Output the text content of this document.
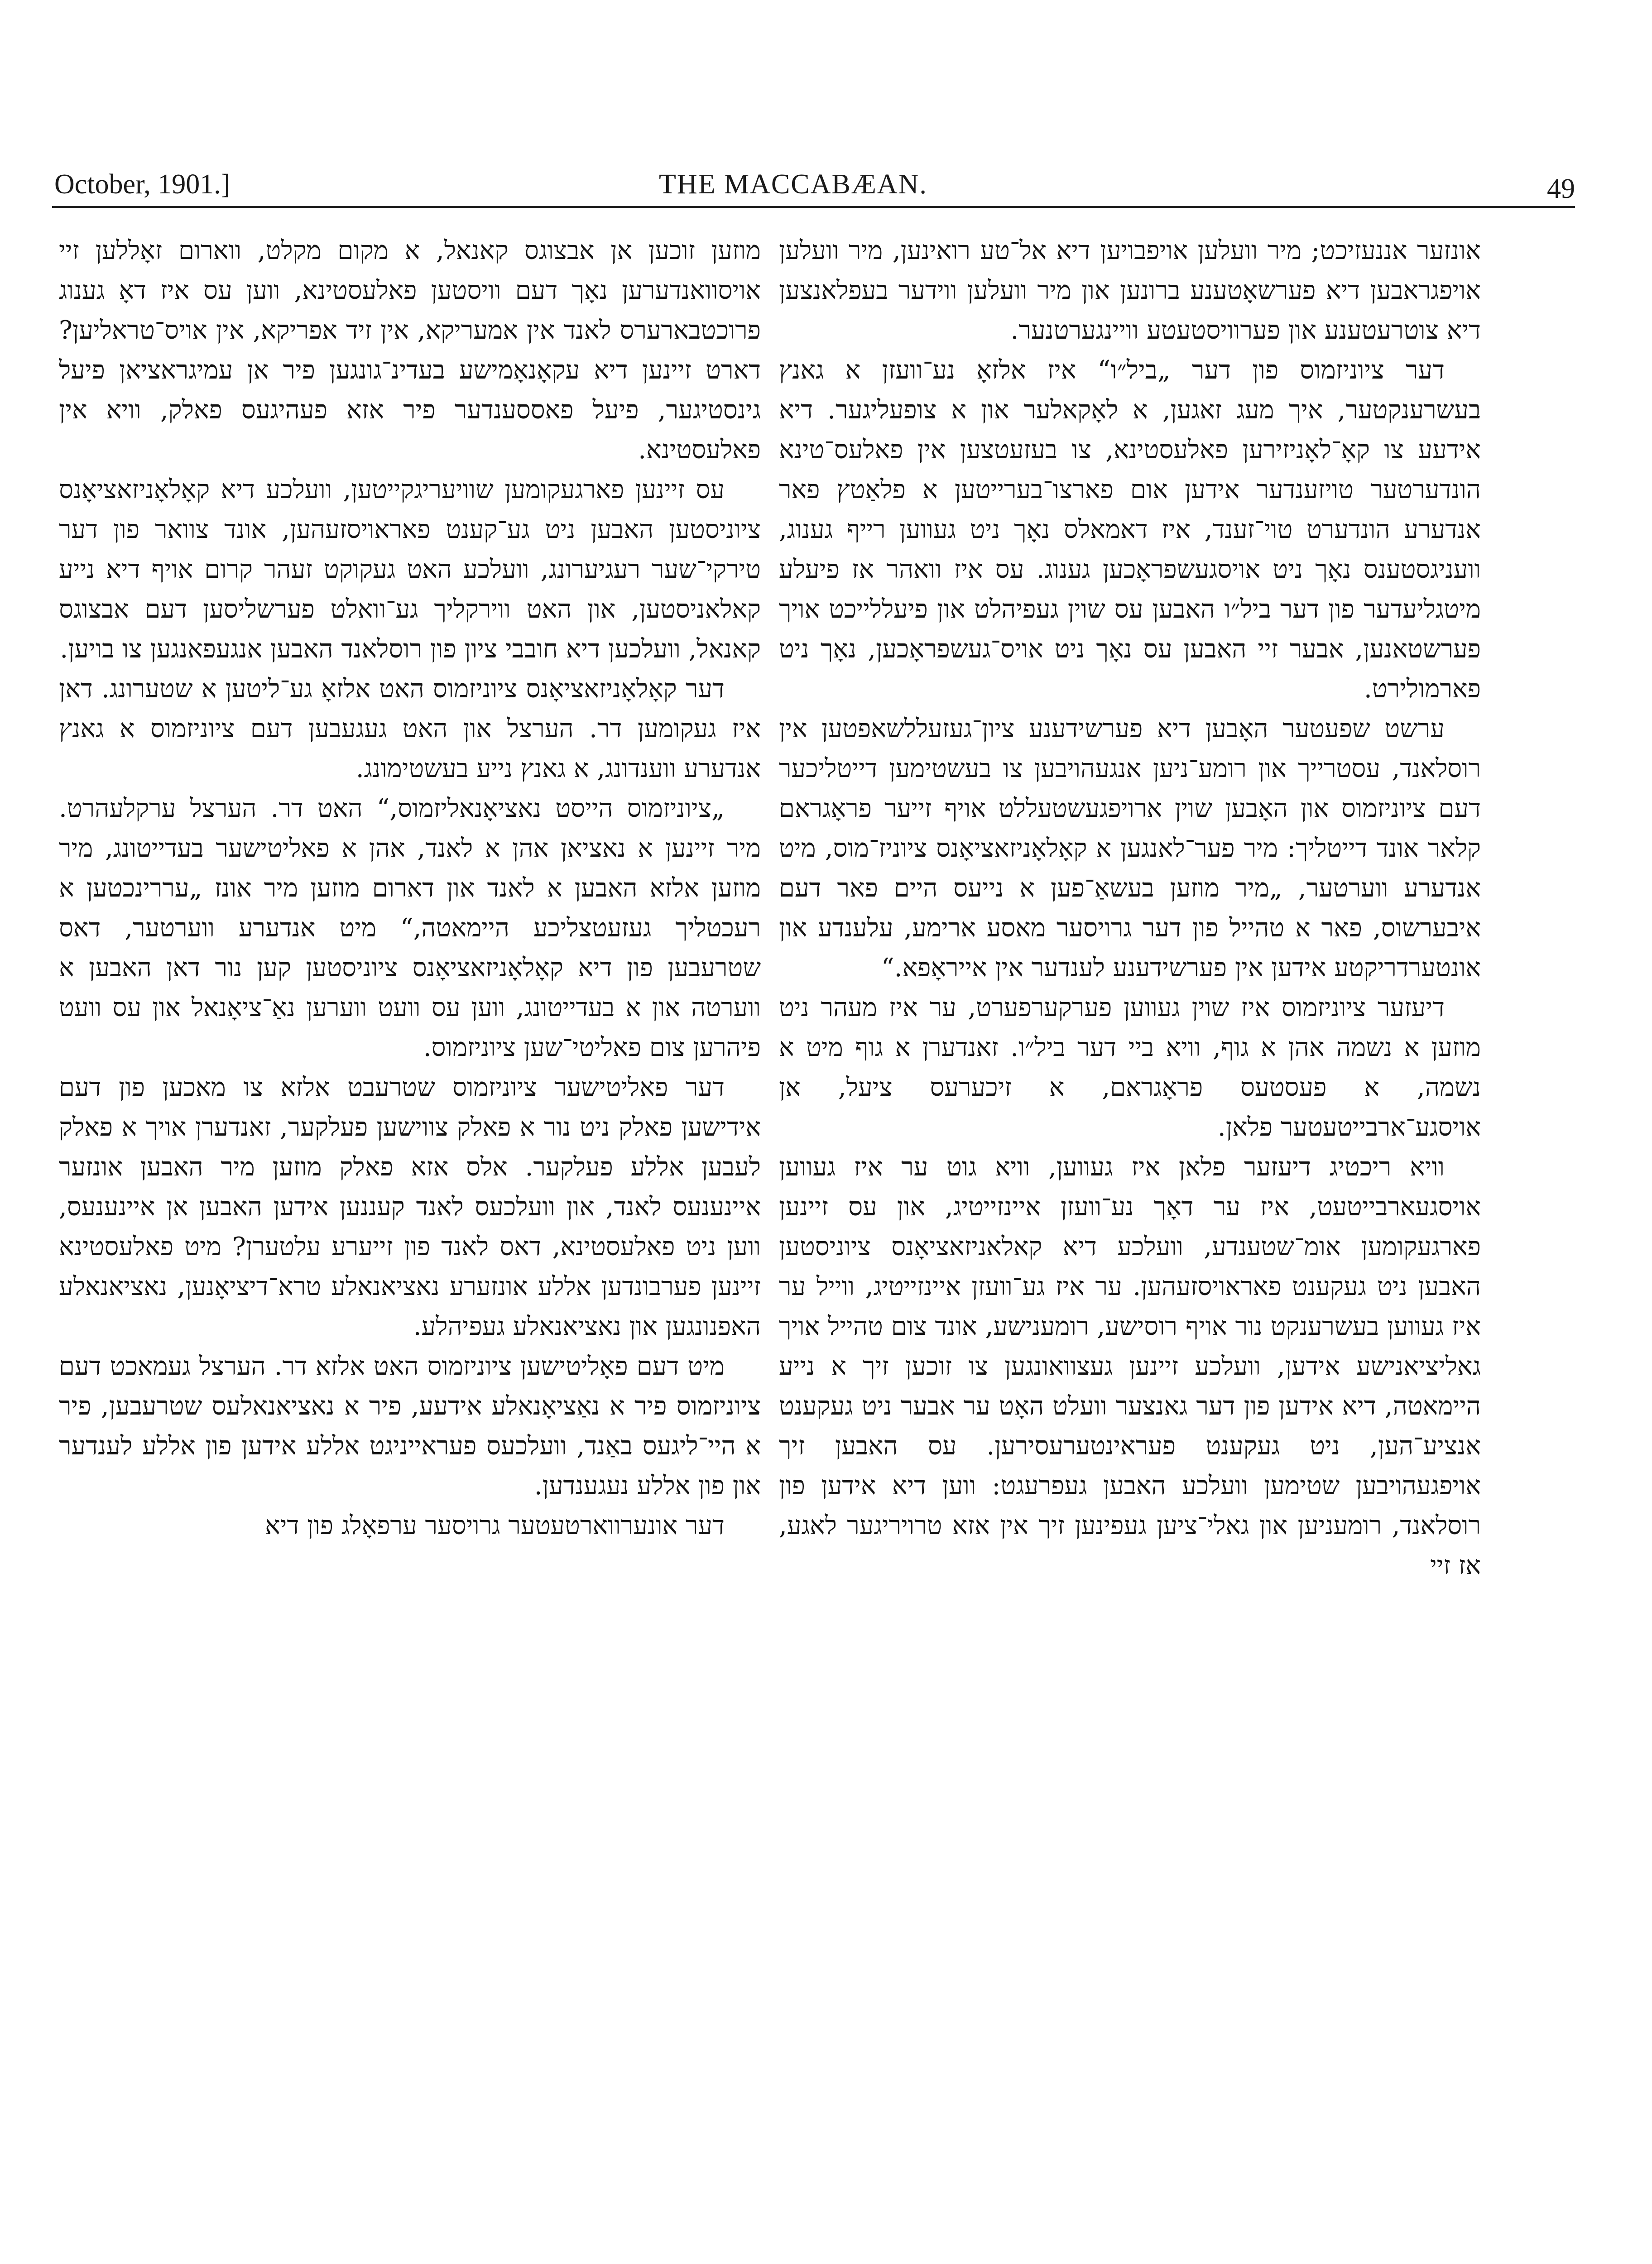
October, 1901.]	THE MACCABÆAN.	49

אונזער אננעזיכט; מיר וועלען אויפבויען דיא אל־טע רואינען, מיר וועלען אויפגראבען דיא פערשאָטענע ברונען און מיר וועלען ווידער בעפלאנצען דיא צוטרעטענע און פערוויסטעטע וויינגערטנער.

דער ציוניזמוס פון דער „ביל״ו“ איז אלזאָ נע־וועזן א גאנץ בעשרענקטער, איך מעג זאגען, א לאָקאלער און א צופעליגער. דיא אידעע צו קאָ־לאָניזירען פאלעסטינא, צו בעזעטצען אין פאלעס־טינא הונדערטער טויזענדער אידען אום פארצו־בערייטען א פלאַטץ פאר אנדערע הונדערט טוי־זענד, איז דאמאלס נאָך ניט געווען רייף גענוג, וועניגסטענס נאָך ניט אויסגעשפראָכען גענוג. עס איז וואהר אז פיעלע מיטגליעדער פון דער ביל״ו האבען עס שוין געפיהלט און פיעללייכט אויך פערשטאנען, אבער זיי האבען עס נאָך ניט אויס־געשפראָכען, נאָך ניט פארמולירט.

ערשט שפעטער האָבען דיא פערשידענע ציון־געזעללשאפטען אין רוסלאנד, עסטרייך און רומע־ניען אנגעהויבען צו בעשטימען דייטליכער דעם ציוניזמוס און האָבען שוין ארויפגעשטעללט אויף זייער פראָגראם קלאר אונד דייטליך: מיר פער־לאנגען א קאָלאָניזאציאָנס ציוניז־מוס, מיט אנדערע ווערטער, „מיר מוזען בעשאַ־פען א נייעס היים פאר דעם איבערשוס, פאר א טהייל פון דער גרויסער מאסע ארימע, עלענדע און אונטערדריקטע אידען אין פערשידענע לענדער אין אייראָפא.“

דיעזער ציוניזמוס איז שוין געווען פערקערפערט, ער איז מעהר ניט מוזען א נשמה אהן א גוף, וויא ביי דער ביל״ו. זאנדערן א גוף מיט א נשמה, א פעסטעס פראָגראם, א זיכערעס ציעל, אן אויסגע־ארבייטעטער פלאן.

וויא ריכטיג דיעזער פלאן איז געווען, וויא גוט ער איז געווען אויסגעארבייטעט, איז ער דאָך נע־וועזן איינזייטיג, און עס זיינען פארגעקומען אומ־שטענדע, וועלכע דיא קאלאניזאציאָנס ציוניסטען האבען ניט געקענט פאראויסזעהען. ער איז גע־וועזן איינזייטיג, ווייל ער איז געווען בעשרענקט נור אויף רוסישע, רומענישע, אונד צום טהייל אויך גאליציאנישע אידען, וועלכע זיינען געצוואונגען צו זוכען זיך א נייע היימאטה, דיא אידען פון דער גאנצער וועלט האָט ער אבער ניט געקענט אנציע־הען, ניט געקענט פעראינטערעסירען. עס האבען זיך אויפגעהויבען שטימען וועלכע האבען געפרעגט: ווען דיא אידען פון רוסלאנד, רומעניען און גאלי־ציען געפינען זיך אין אזא טרויריגער לאגע, אז זיי

מוזען זוכען אן אבצוגס קאנאל, א מקום מקלט, ווארום זאָללען זיי אויסוואנדערען נאָך דעם וויסטען פאלעסטינא, ווען עס איז דאָ גענוג פרוכטבארערס לאנד אין אמעריקא, אין זיד אפריקא, אין אויס־טראליען? דארט זיינען דיא עקאָנאָמישע בעדינ־גונגען פיר אן עמיגראציאן פיעל גינסטיגער, פיעל פאססענדער פיר אזא פעהיגעס פאלק, וויא אין פאלעסטינא.

עס זיינען פארגעקומען שוויעריגקייטען, וועלכע דיא קאָלאָניזאציאָנס ציוניסטען האבען ניט גע־קענט פאראויסזעהען, אונד צוואר פון דער טירקי־שער רעגיערונג, וועלכע האט געקוקט זעהר קרום אויף דיא נייע קאלאניסטען, און האט ווירקליך גע־וואלט פערשליסען דעם אבצוגס קאנאל, וועלכען דיא חובבי ציון פון רוסלאנד האבען אנגעפאנגען צו בויען.

דער קאָלאָניזאציאָנס ציוניזמוס האט אלזאָ גע־ליטען א שטערונג. דאן איז געקומען דר. הערצל און האט געגעבען דעם ציוניזמוס א גאנץ אנדערע ווענדונג, א גאנץ נייע בעשטימונג.

„ציוניזמוס הייסט נאציאָנאליזמוס,“ האט דר. הערצל ערקלעהרט. מיר זיינען א נאציאן אהן א לאנד, אהן א פאליטישער בעדייטונג, מיר מוזען אלזא האבען א לאנד און דארום מוזען מיר אונז „עררינכטען א רעכטליך געזעטצליכע היימאטה,“ מיט אנדערע ווערטער, דאס שטרעבען פון דיא קאָלאָניזאציאָנס ציוניסטען קען נור דאן האבען א ווערטה און א בעדייטונג, ווען עס וועט ווערען נאַ־ציאָנאל און עס וועט פיהרען צום פאליטי־שען ציוניזמוס.

דער פאליטישער ציוניזמוס שטרעבט אלזא צו מאכען פון דעם אידישען פאלק ניט נור א פאלק צווישען פעלקער, זאנדערן אויך א פאלק לעבען אללע פעלקער. אלס אזא פאלק מוזען מיר האבען אונזער איינענעס לאנד, און וועלכעס לאנד קעננען אידען האבען אן איינענעס, ווען ניט פאלעסטינא, דאס לאנד פון זייערע עלטערן? מיט פאלעסטינא זיינען פערבונדען אללע אונזערע נאציאנאלע טרא־דיציאָנען, נאציאנאלע האפנונגען און נאציאנאלע געפיהלע.

מיט דעם פאָליטישען ציוניזמוס האט אלזא דר. הערצל געמאכט דעם ציוניזמוס פיר א נאַציאָנאלע אידעע, פיר א נאציאנאלעס שטרעבען, פיר א היי־ליגעס באַנד, וועלכעס פעראייניגט אללע אידען פון אללע לענדער און פון אללע נעגענדען.

דער אונערווארטעטער גרויסער ערפאָלג פון דיא
